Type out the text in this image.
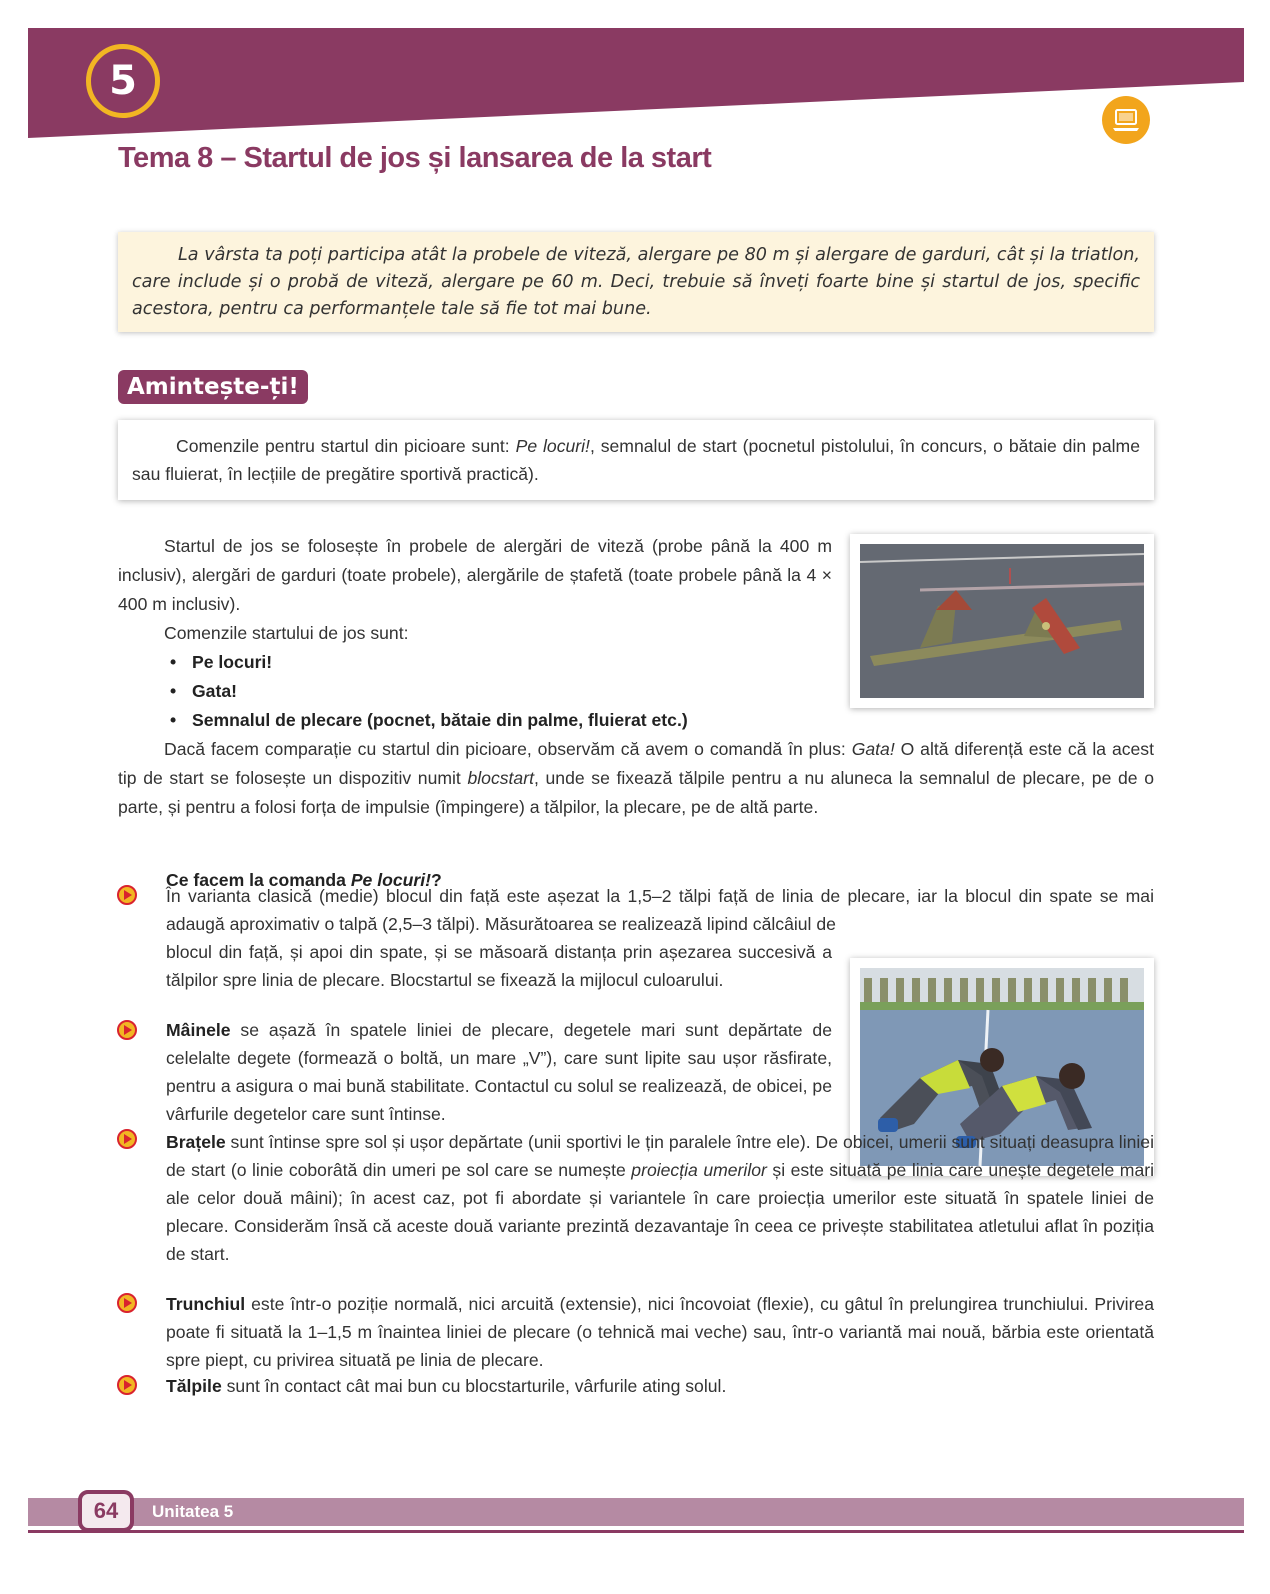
5
Tema 8 – Startul de jos și lansarea de la start
La vârsta ta poți participa atât la probele de viteză, alergare pe 80 m și alergare de garduri, cât și la triatlon, care include și o probă de viteză, alergare pe 60 m. Deci, trebuie să înveți foarte bine și startul de jos, specific acestora, pentru ca performanțele tale să fie tot mai bune.
Amintește-ți!
Comenzile pentru startul din picioare sunt: Pe locuri!, semnalul de start (pocnetul pistolului, în concurs, o bătaie din palme sau fluierat, în lecțiile de pregătire sportivă practică).

Startul de jos se folosește în probele de alergări de viteză (probe până la 400 m inclusiv), alergări de garduri (toate probele), alergările de ștafetă (toate probele până la 4 × 400 m inclusiv).

Comenzile startului de jos sunt:

• Pe locuri!
• Gata!
• Semnalul de plecare (pocnet, bătaie din palme, fluierat etc.)

Dacă facem comparație cu startul din picioare, observăm că avem o comandă în plus: Gata! O altă diferență este că la acest tip de start se folosește un dispozitiv numit blocstart, unde se fixează tălpile pentru a nu aluneca la semnalul de plecare, pe de o parte, și pentru a folosi forța de impulsie (împingere) a tălpilor, la plecare, pe de altă parte.

Ce facem la comanda Pe locuri!?

În varianta clasică (medie) blocul din față este așezat la 1,5–2 tălpi față de linia de plecare, iar la blocul din spate se mai adaugă aproximativ o talpă (2,5–3 tălpi). Măsurătoarea se realizează lipind călcâiul de

blocul din față, și apoi din spate, și se măsoară distanța prin așezarea succesivă a tălpilor spre linia de plecare. Blocstartul se fixează la mijlocul culoarului.

Mâinele se așază în spatele liniei de plecare, degetele mari sunt depărtate de celelalte degete (formează o boltă, un mare „V”), care sunt lipite sau ușor răsfirate, pentru a asigura o mai bună stabilitate. Contactul cu solul se realizează, de obicei, pe vârfurile degetelor care sunt întinse.

Brațele sunt întinse spre sol și ușor depărtate (unii sportivi le țin paralele între ele). De obicei, umerii sunt situați deasupra liniei de start (o linie coborâtă din umeri pe sol care se numește proiecția umerilor și este situată pe linia care unește degetele mari ale celor două mâini); în acest caz, pot fi abordate și variantele în care proiecția umerilor este situată în spatele liniei de plecare. Considerăm însă că aceste două variante prezintă dezavantaje în ceea ce privește stabilitatea atletului aflat în poziția de start.

Trunchiul este într-o poziție normală, nici arcuită (extensie), nici încovoiat (flexie), cu gâtul în prelungirea trunchiului. Privirea poate fi situată la 1–1,5 m înaintea liniei de plecare (o tehnică mai veche) sau, într-o variantă mai nouă, bărbia este orientată spre piept, cu privirea situată pe linia de plecare.

Tălpile sunt în contact cât mai bun cu blocstarturile, vârfurile ating solul.

64	Unitatea 5
